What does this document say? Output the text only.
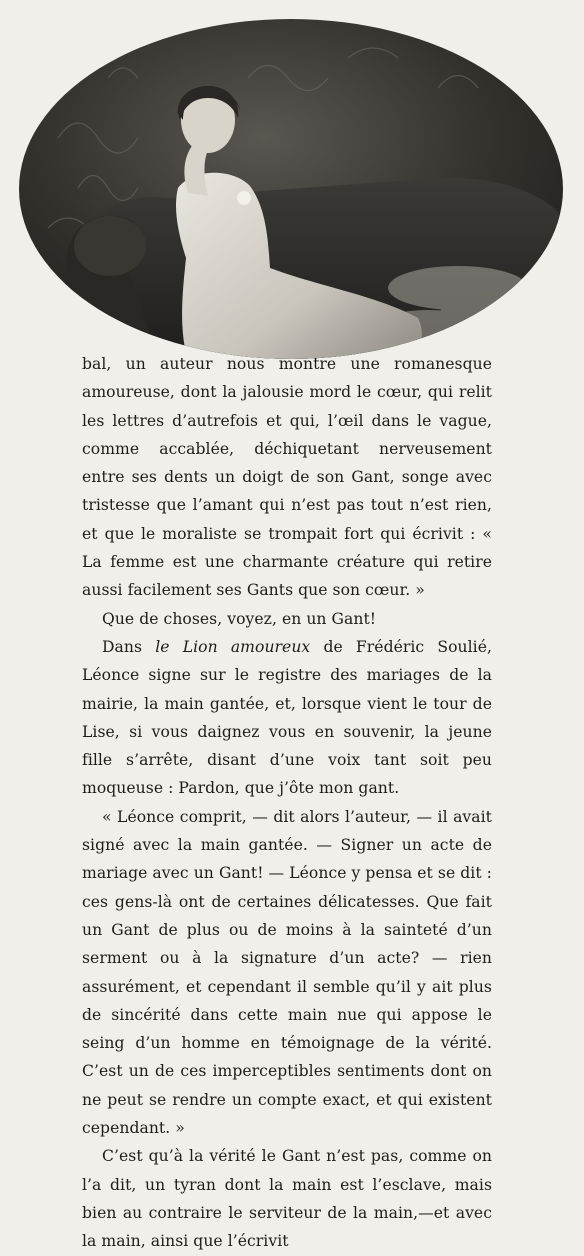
bal, un auteur nous montre une romanesque amoureuse, dont la jalousie mord le cœur, qui relit les lettres d’autrefois et qui, l’œil dans le vague, comme accablée, déchiquetant nerveusement entre ses dents un doigt de son Gant, songe avec tristesse que l’amant qui n’est pas tout n’est rien, et que le moraliste se trompait fort qui écrivit : « La femme est une charmante créature qui retire aussi facilement ses Gants que son cœur. »

Que de choses, voyez, en un Gant!

Dans le Lion amoureux de Frédéric Soulié, Léonce signe sur le registre des mariages de la mairie, la main gantée, et, lorsque vient le tour de Lise, si vous daignez vous en souvenir, la jeune fille s’arrête, disant d’une voix tant soit peu moqueuse : Pardon, que j’ôte mon gant.

« Léonce comprit, — dit alors l’auteur, — il avait signé avec la main gantée. — Signer un acte de mariage avec un Gant! — Léonce y pensa et se dit : ces gens-là ont de certaines délicatesses. Que fait un Gant de plus ou de moins à la sainteté d’un serment ou à la signature d’un acte? — rien assurément, et cependant il semble qu’il y ait plus de sincérité dans cette main nue qui appose le seing d’un homme en témoignage de la vérité. C’est un de ces imperceptibles sentiments dont on ne peut se rendre un compte exact, et qui existent cependant. »

C’est qu’à la vérité le Gant n’est pas, comme on l’a dit, un tyran dont la main est l’esclave, mais bien au contraire le serviteur de la main,—et avec la main, ainsi que l’écrivit
